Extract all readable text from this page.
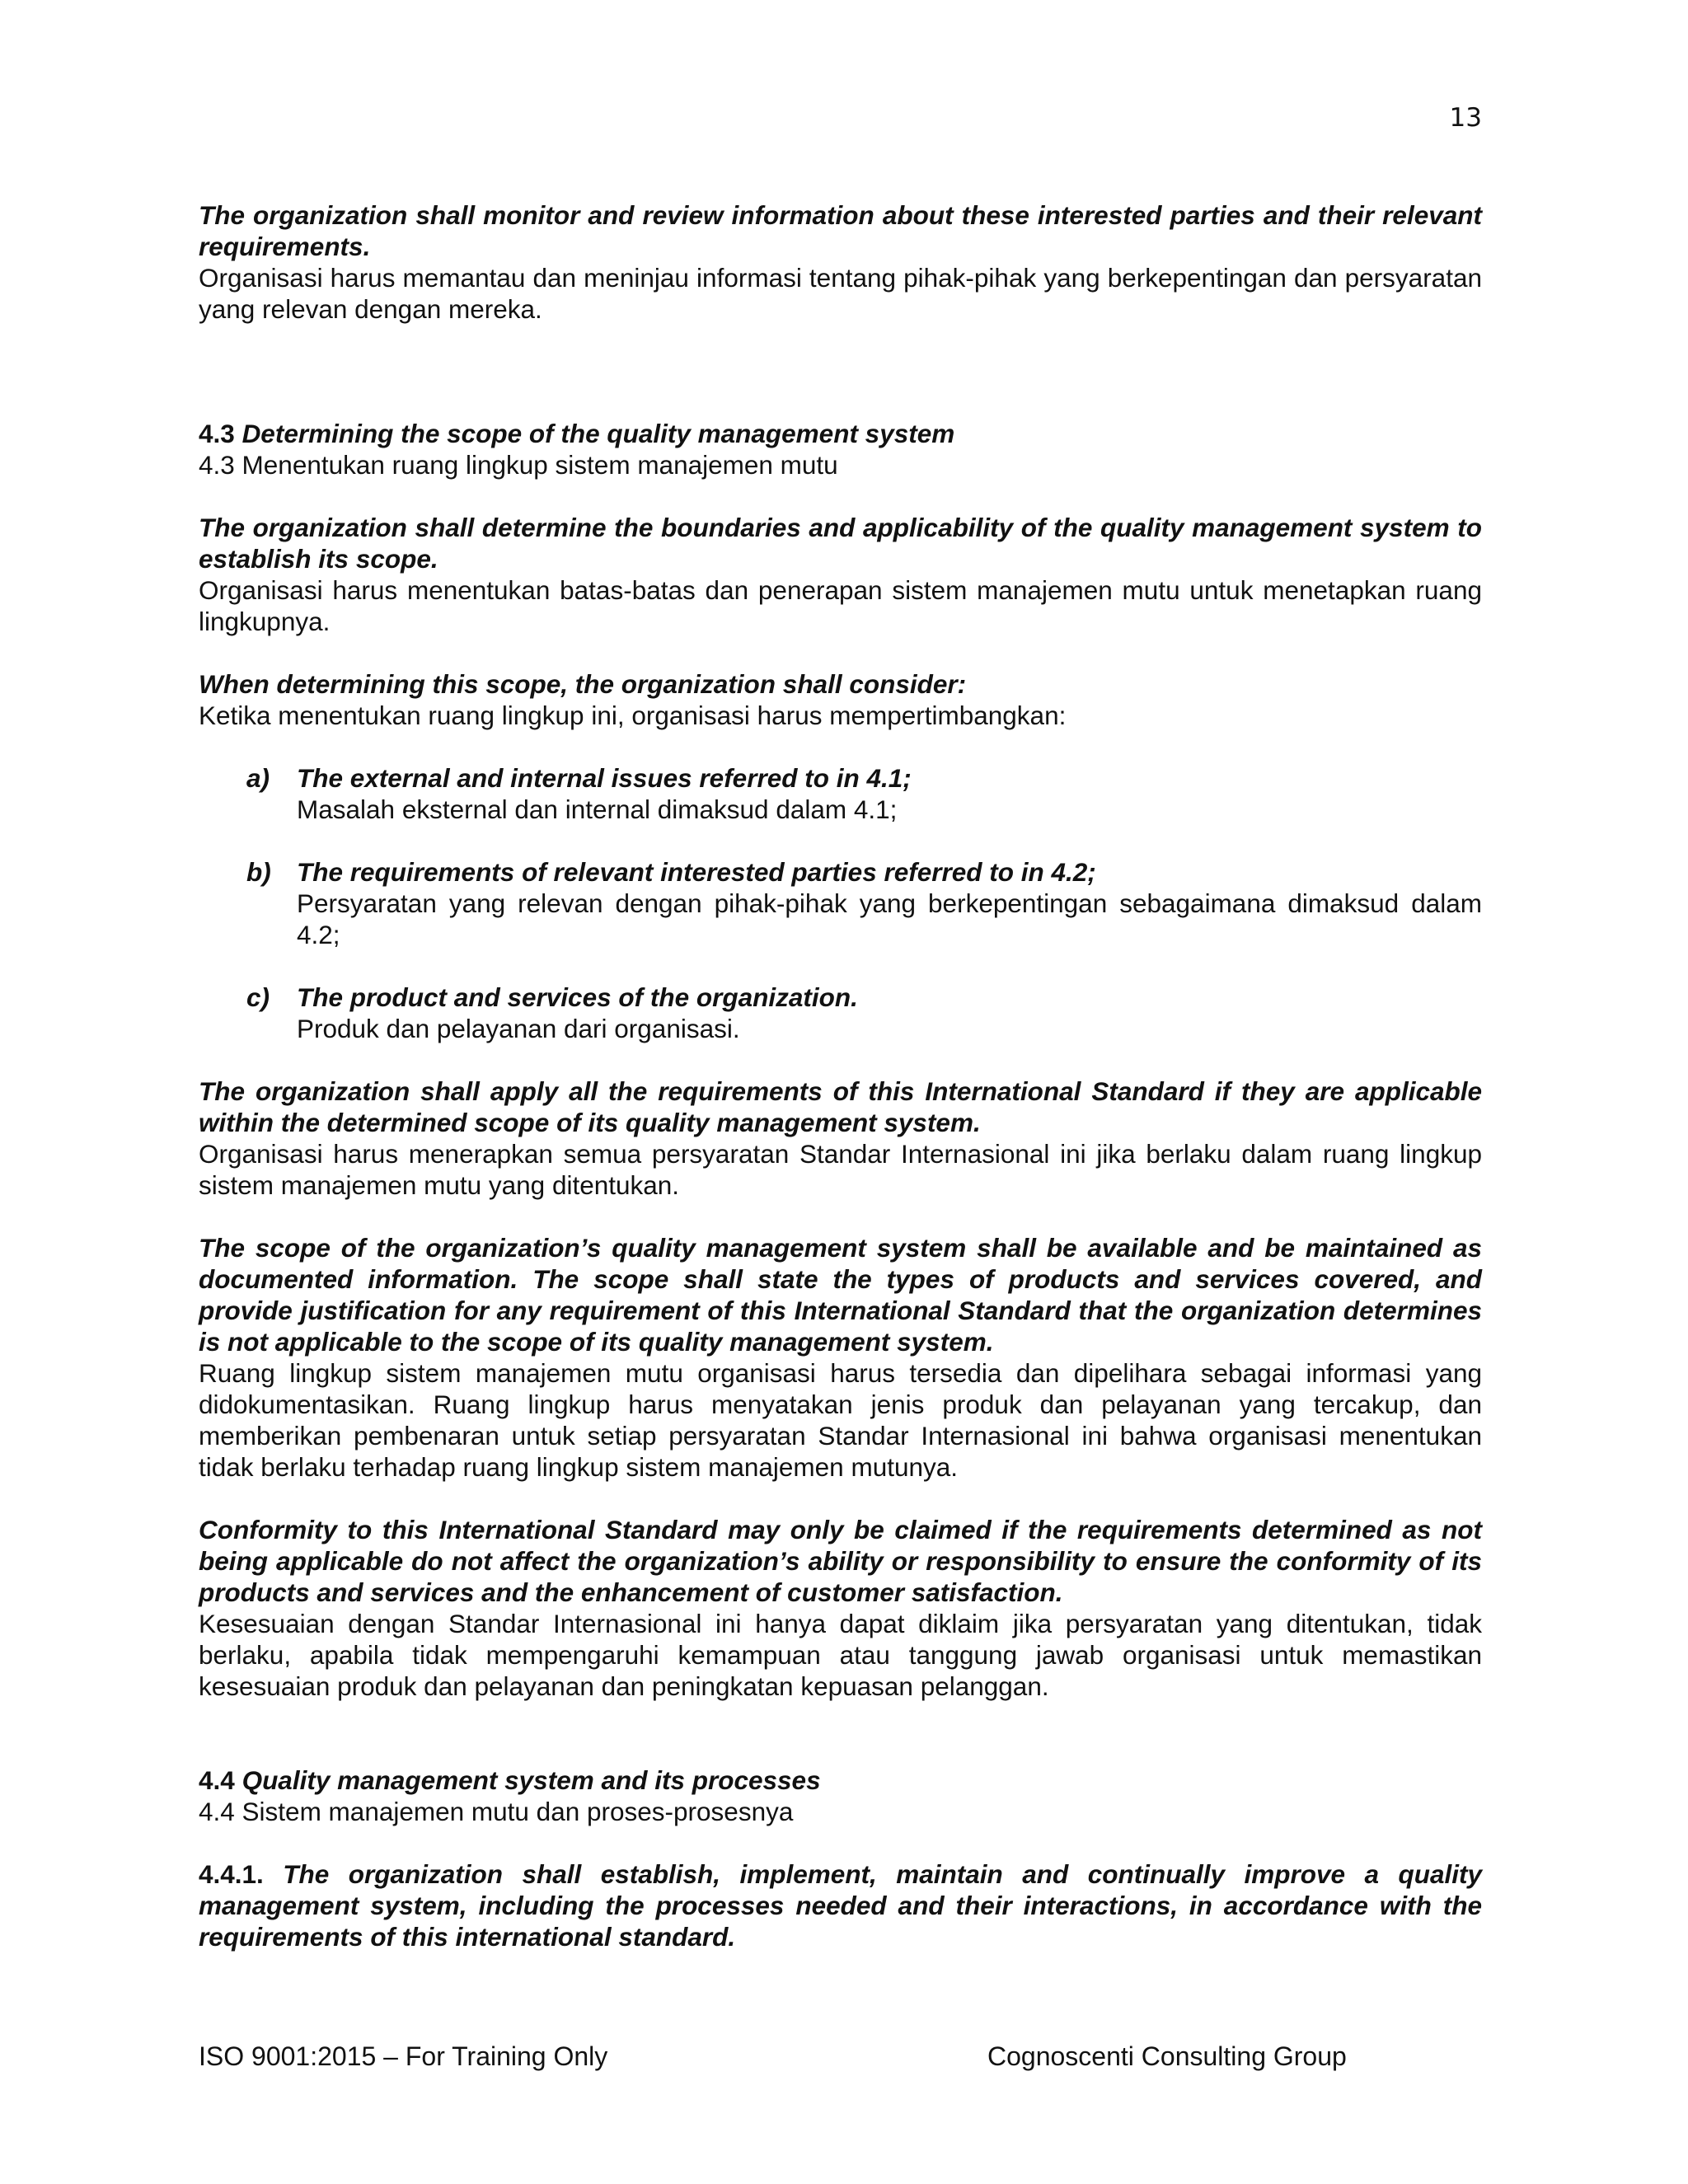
13

The organization shall monitor and review information about these interested parties and their relevant requirements.

Organisasi harus memantau dan meninjau informasi tentang pihak-pihak yang berkepentingan dan persyaratan yang relevan dengan mereka.

4.3 Determining the scope of the quality management system

4.3 Menentukan ruang lingkup sistem manajemen mutu

The organization shall determine the boundaries and applicability of the quality management system to establish its scope.

Organisasi harus menentukan batas-batas dan penerapan sistem manajemen mutu untuk menetapkan ruang lingkupnya.

When determining this scope, the organization shall consider:

Ketika menentukan ruang lingkup ini, organisasi harus mempertimbangkan:

a) The external and internal issues referred to in 4.1;

Masalah eksternal dan internal dimaksud dalam 4.1;

b) The requirements of relevant interested parties referred to in 4.2;

Persyaratan yang relevan dengan pihak-pihak yang berkepentingan sebagaimana dimaksud dalam 4.2;

c) The product and services of the organization.

Produk dan pelayanan dari organisasi.

The organization shall apply all the requirements of this International Standard if they are applicable within the determined scope of its quality management system.

Organisasi harus menerapkan semua persyaratan Standar Internasional ini jika berlaku dalam ruang lingkup sistem manajemen mutu yang ditentukan.

The scope of the organization’s quality management system shall be available and be maintained as documented information. The scope shall state the types of products and services covered, and provide justification for any requirement of this International Standard that the organization determines is not applicable to the scope of its quality management system.

Ruang lingkup sistem manajemen mutu organisasi harus tersedia dan dipelihara sebagai informasi yang didokumentasikan. Ruang lingkup harus menyatakan jenis produk dan pelayanan yang tercakup, dan memberikan pembenaran untuk setiap persyaratan Standar Internasional ini bahwa organisasi menentukan tidak berlaku terhadap ruang lingkup sistem manajemen mutunya.

Conformity to this International Standard may only be claimed if the requirements determined as not being applicable do not affect the organization’s ability or responsibility to ensure the conformity of its products and services and the enhancement of customer satisfaction.

Kesesuaian dengan Standar Internasional ini hanya dapat diklaim jika persyaratan yang ditentukan, tidak berlaku, apabila tidak mempengaruhi kemampuan atau tanggung jawab organisasi untuk memastikan kesesuaian produk dan pelayanan dan peningkatan kepuasan pelanggan.

4.4 Quality management system and its processes

4.4 Sistem manajemen mutu dan proses-prosesnya

4.4.1. The organization shall establish, implement, maintain and continually improve a quality management system, including the processes needed and their interactions, in accordance with the requirements of this international standard.

ISO 9001:2015 – For Training Only	Cognoscenti Consulting Group
